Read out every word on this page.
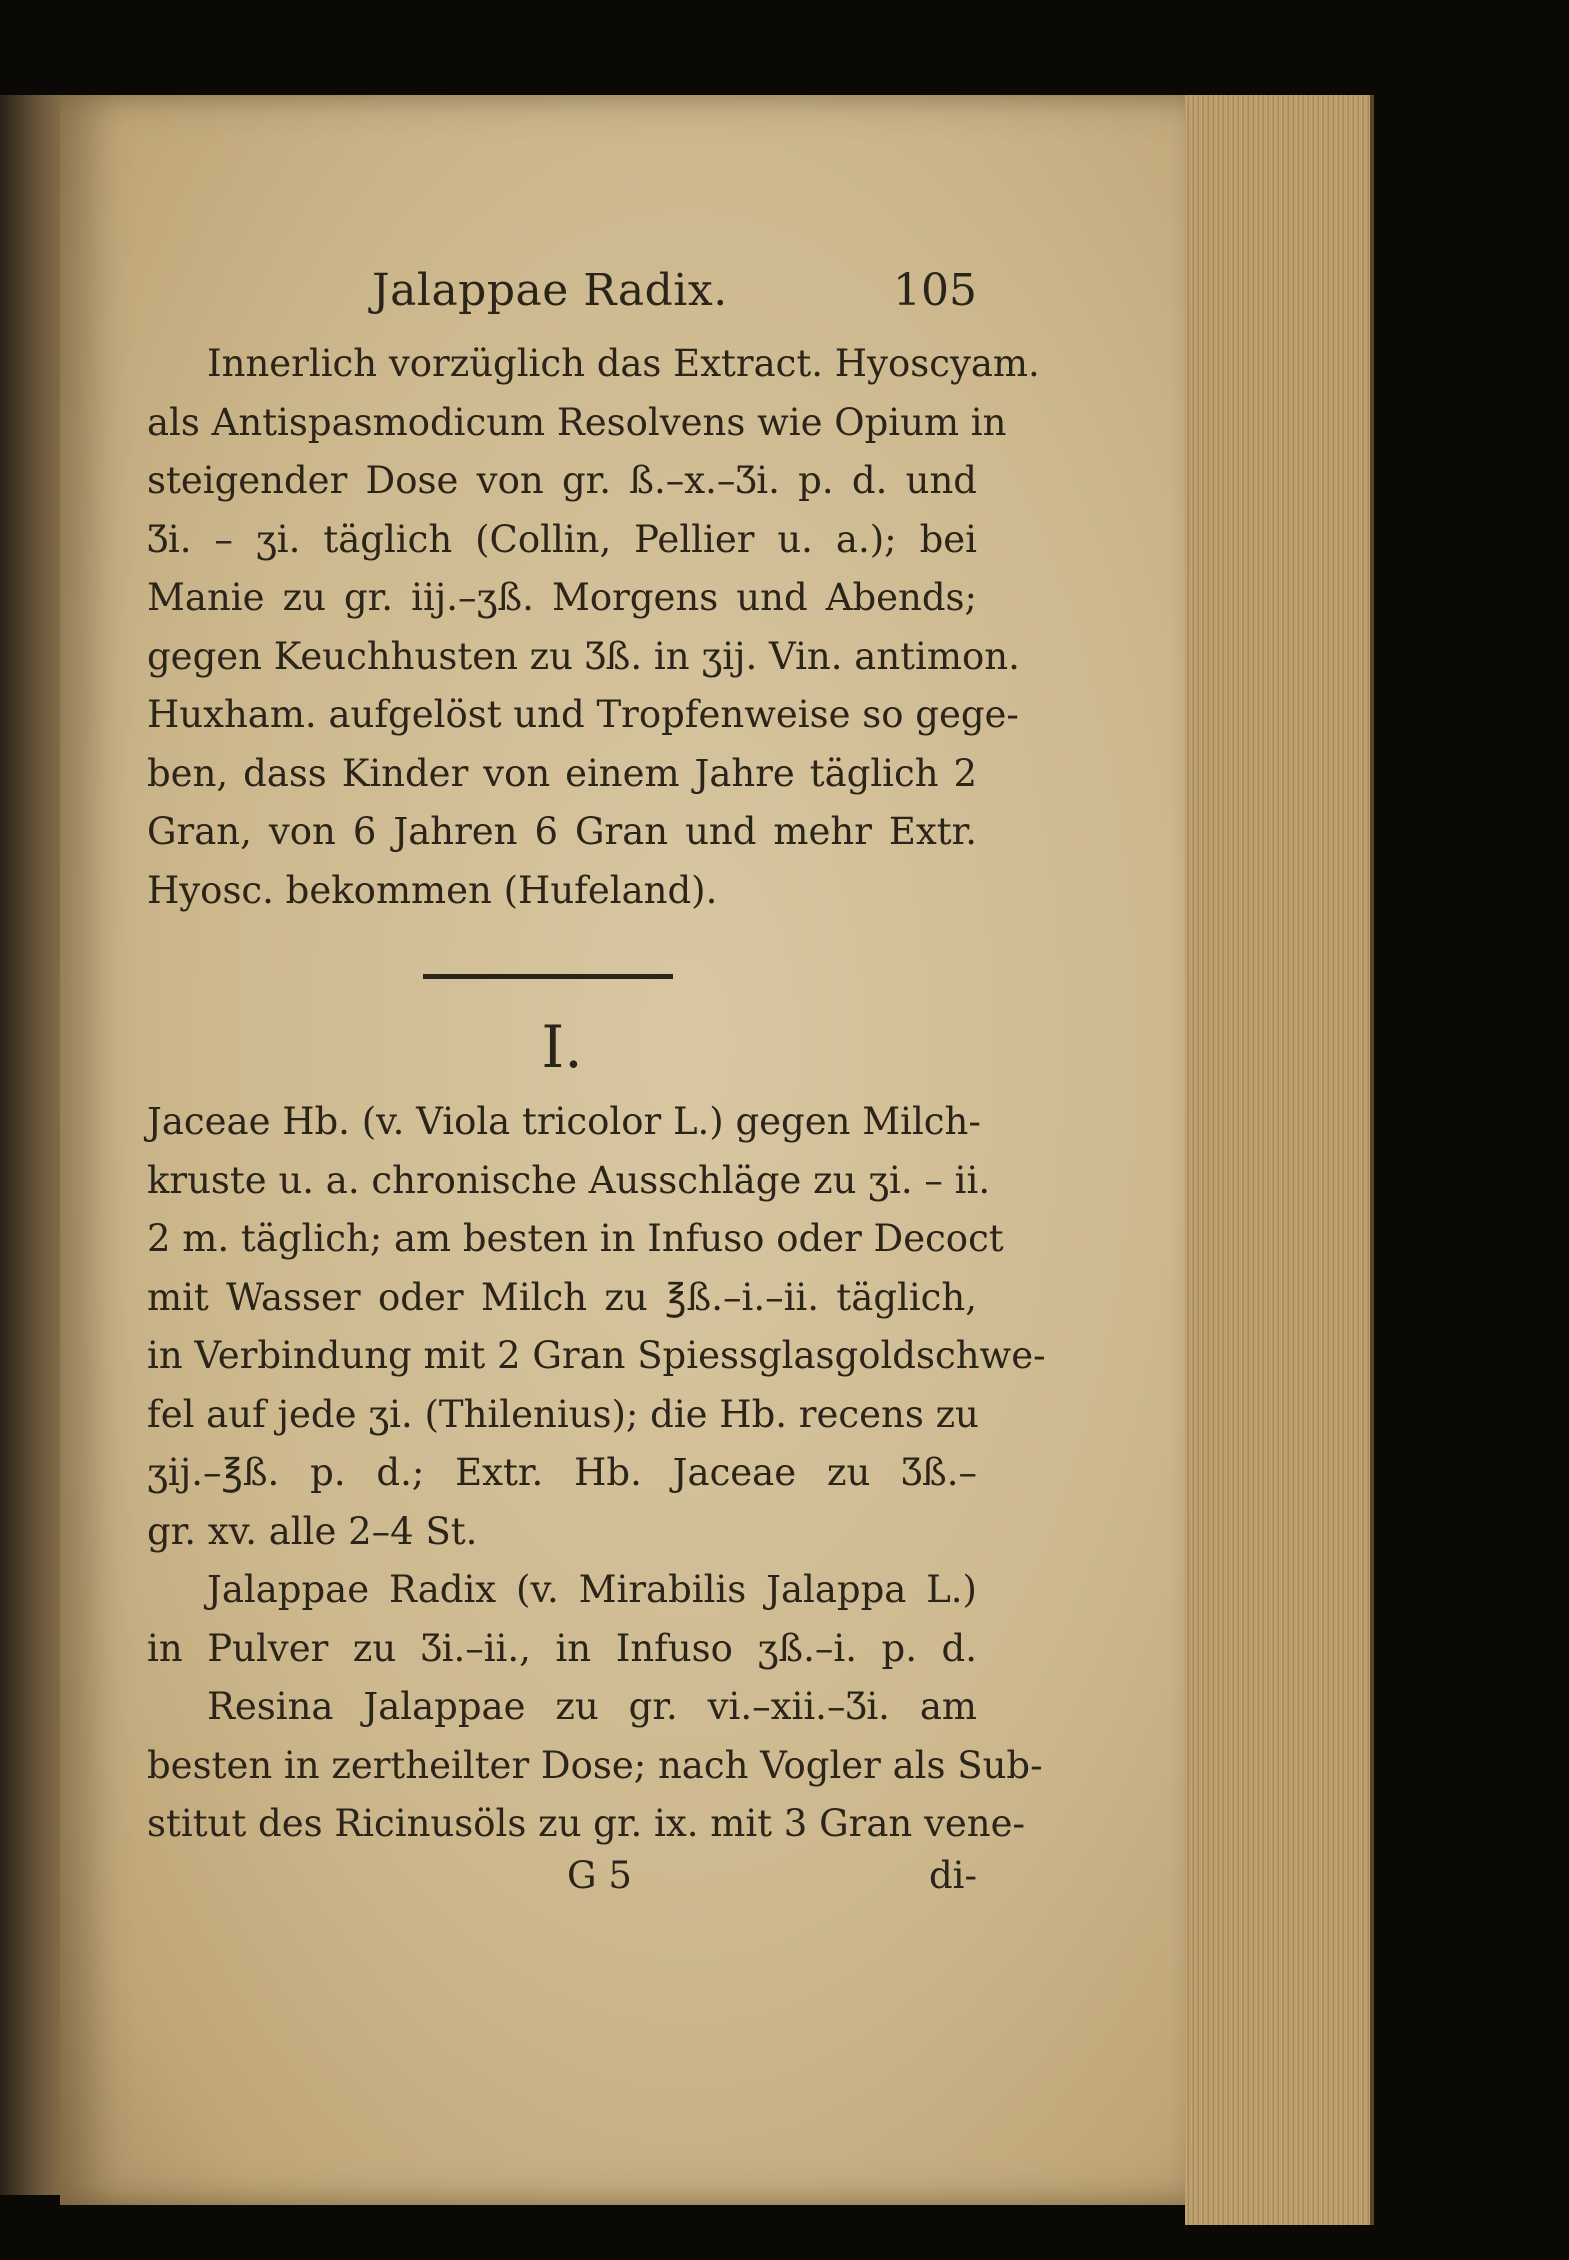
Jalappae Radix.	105
Innerlich vorzüglich das Extract. Hyoscyam.
als Antispasmodicum Resolvens wie Opium in
steigender Dose von gr. ß.–x.–Ʒi. p. d. und
Ʒi. – ʒi. täglich (Collin, Pellier u. a.); bei
Manie zu gr. iij.–ʒß. Morgens und Abends;
gegen Keuchhusten zu Ʒß. in ʒij. Vin. antimon.
Huxham. aufgelöst und Tropfenweise so gege-
ben, dass Kinder von einem Jahre täglich 2
Gran, von 6 Jahren 6 Gran und mehr Extr.
Hyosc. bekommen (Hufeland).
I.
Jaceae Hb. (v. Viola tricolor L.) gegen Milch-
kruste u. a. chronische Ausschläge zu ʒi. – ii.
2 m. täglich; am besten in Infuso oder Decoct
mit Wasser oder Milch zu ℥ß.–i.–ii. täglich,
in Verbindung mit 2 Gran Spiessglasgoldschwe-
fel auf jede ʒi. (Thilenius); die Hb. recens zu
ʒij.–℥ß. p. d.; Extr. Hb. Jaceae zu Ʒß.–
gr. xv. alle 2–4 St.
Jalappae Radix (v. Mirabilis Jalappa L.)
in Pulver zu Ʒi.–ii., in Infuso ʒß.–i. p. d.
Resina Jalappae zu gr. vi.–xii.–Ʒi. am
besten in zertheilter Dose; nach Vogler als Sub-
stitut des Ricinusöls zu gr. ix. mit 3 Gran vene-
G 5	di-
